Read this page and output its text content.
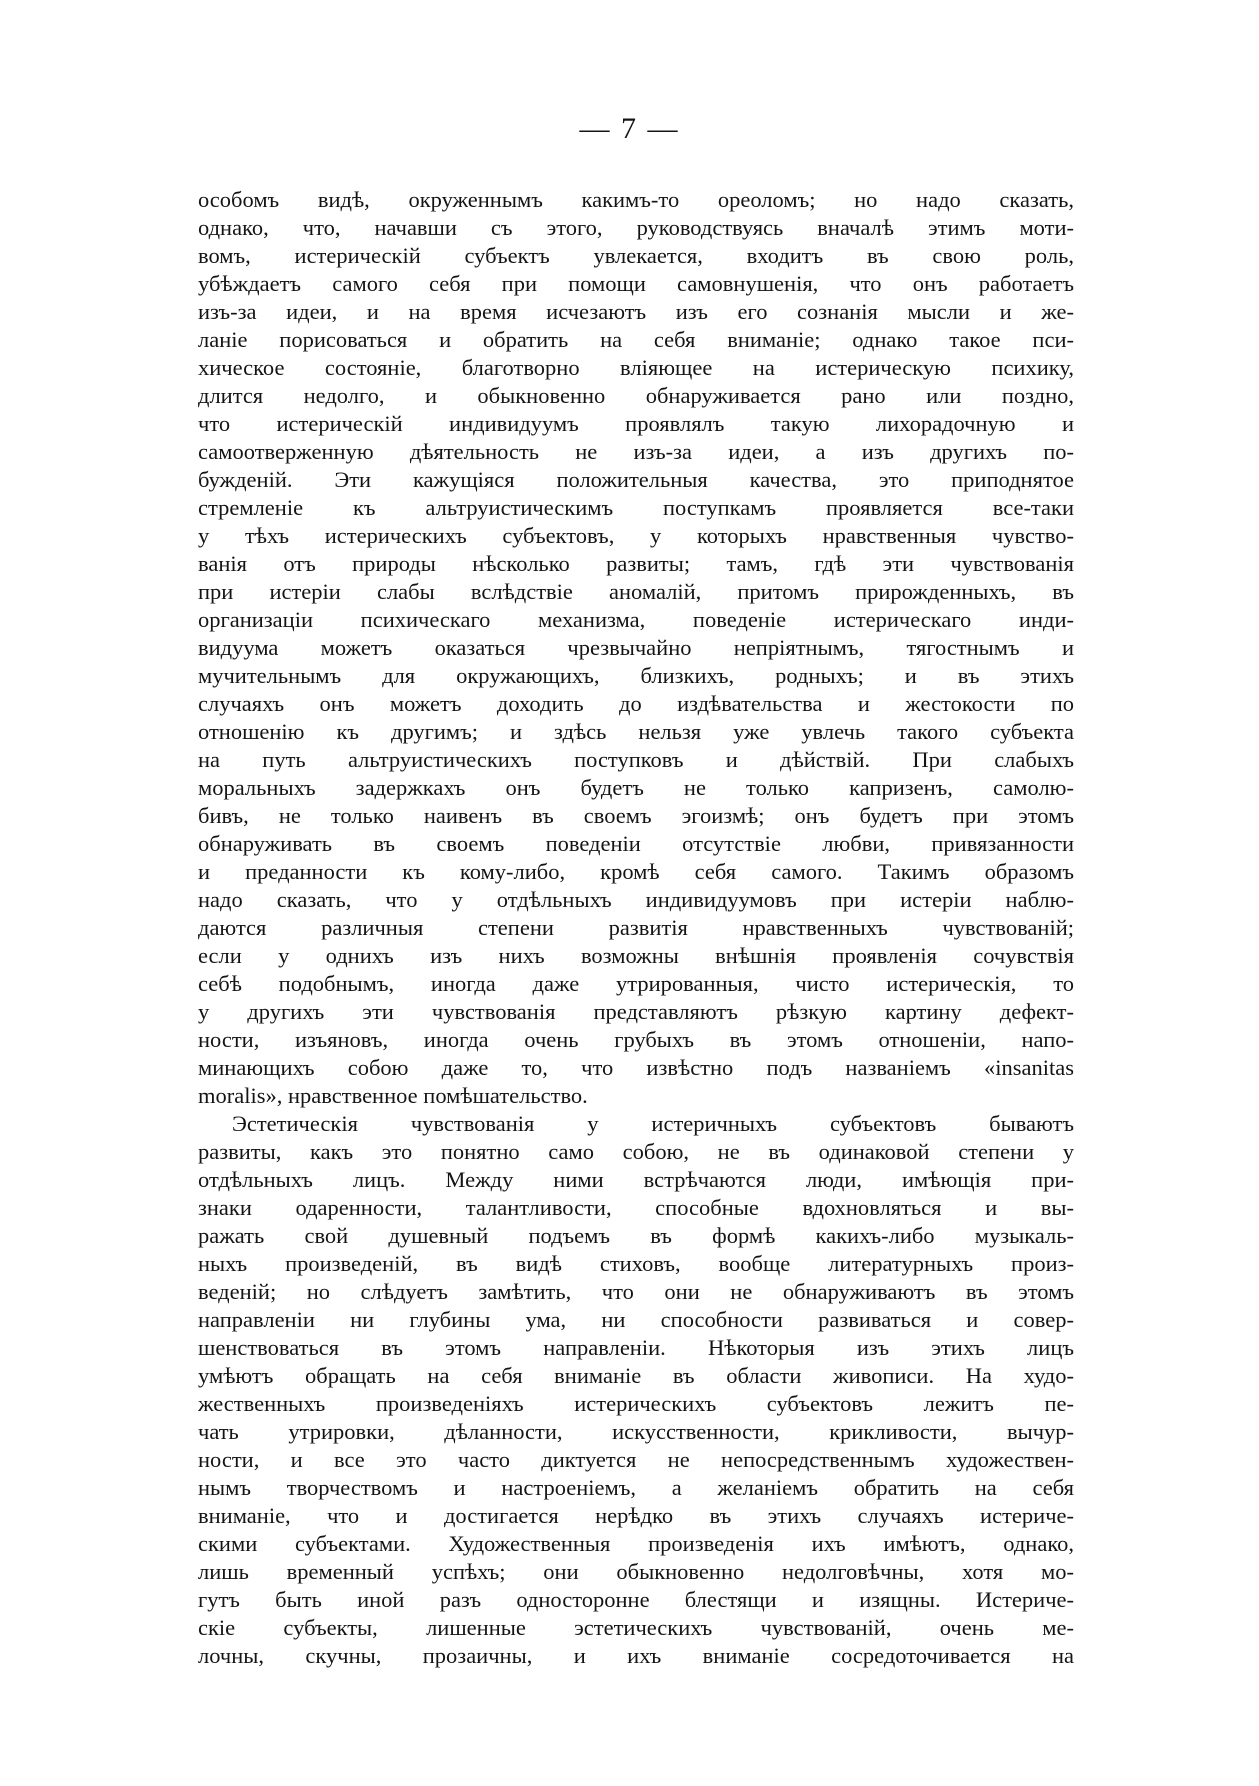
— 7 —
особомъ видѣ, окруженнымъ какимъ-то ореоломъ; но надо сказать,
однако, что, начавши съ этого, руководствуясь вначалѣ этимъ моти-
вомъ, истерическій субъектъ увлекается, входитъ въ свою роль,
убѣждаетъ самого себя при помощи самовнушенія, что онъ работаетъ
изъ-за идеи, и на время исчезаютъ изъ его сознанія мысли и же-
ланіе порисоваться и обратить на себя вниманіе; однако такое пси-
хическое состояніе, благотворно вліяющее на истерическую психику,
длится недолго, и обыкновенно обнаруживается рано или поздно,
что истерическій индивидуумъ проявлялъ такую лихорадочную и
самоотверженную дѣятельность не изъ-за идеи, а изъ другихъ по-
бужденій. Эти кажущіяся положительныя качества, это приподнятое
стремленіе къ альтруистическимъ поступкамъ проявляется все-таки
у тѣхъ истерическихъ субъектовъ, у которыхъ нравственныя чувство-
ванія отъ природы нѣсколько развиты; тамъ, гдѣ эти чувствованія
при истеріи слабы вслѣдствіе аномалій, притомъ прирожденныхъ, въ
организаціи психическаго механизма, поведеніе истерическаго инди-
видуума можетъ оказаться чрезвычайно непріятнымъ, тягостнымъ и
мучительнымъ для окружающихъ, близкихъ, родныхъ; и въ этихъ
случаяхъ онъ можетъ доходить до издѣвательства и жестокости по
отношенію къ другимъ; и здѣсь нельзя уже увлечь такого субъекта
на путь альтруистическихъ поступковъ и дѣйствій. При слабыхъ
моральныхъ задержкахъ онъ будетъ не только капризенъ, самолю-
бивъ, не только наивенъ въ своемъ эгоизмѣ; онъ будетъ при этомъ
обнаруживать въ своемъ поведеніи отсутствіе любви, привязанности
и преданности къ кому-либо, кромѣ себя самого. Такимъ образомъ
надо сказать, что у отдѣльныхъ индивидуумовъ при истеріи наблю-
даются различныя степени развитія нравственныхъ чувствованій;
если у однихъ изъ нихъ возможны внѣшнія проявленія сочувствія
себѣ подобнымъ, иногда даже утрированныя, чисто истерическія, то
у другихъ эти чувствованія представляютъ рѣзкую картину дефект-
ности, изъяновъ, иногда очень грубыхъ въ этомъ отношеніи, напо-
минающихъ собою даже то, что извѣстно подъ названіемъ «insanitas
moralis», нравственное помѣшательство.
Эстетическія чувствованія у истеричныхъ субъектовъ бываютъ
развиты, какъ это понятно само собою, не въ одинаковой степени у
отдѣльныхъ лицъ. Между ними встрѣчаются люди, имѣющія при-
знаки одаренности, талантливости, способные вдохновляться и вы-
ражать свой душевный подъемъ въ формѣ какихъ-либо музыкаль-
ныхъ произведеній, въ видѣ стиховъ, вообще литературныхъ произ-
веденій; но слѣдуетъ замѣтить, что они не обнаруживаютъ въ этомъ
направленіи ни глубины ума, ни способности развиваться и совер-
шенствоваться въ этомъ направленіи. Нѣкоторыя изъ этихъ лицъ
умѣютъ обращать на себя вниманіе въ области живописи. На худо-
жественныхъ произведеніяхъ истерическихъ субъектовъ лежитъ пе-
чать утрировки, дѣланности, искусственности, крикливости, вычур-
ности, и все это часто диктуется не непосредственнымъ художествен-
нымъ творчествомъ и настроеніемъ, а желаніемъ обратить на себя
вниманіе, что и достигается нерѣдко въ этихъ случаяхъ истериче-
скими субъектами. Художественныя произведенія ихъ имѣютъ, однако,
лишь временный успѣхъ; они обыкновенно недолговѣчны, хотя мо-
гутъ быть иной разъ односторонне блестящи и изящны. Истериче-
скіе субъекты, лишенные эстетическихъ чувствованій, очень ме-
лочны, скучны, прозаичны, и ихъ вниманіе сосредоточивается на
